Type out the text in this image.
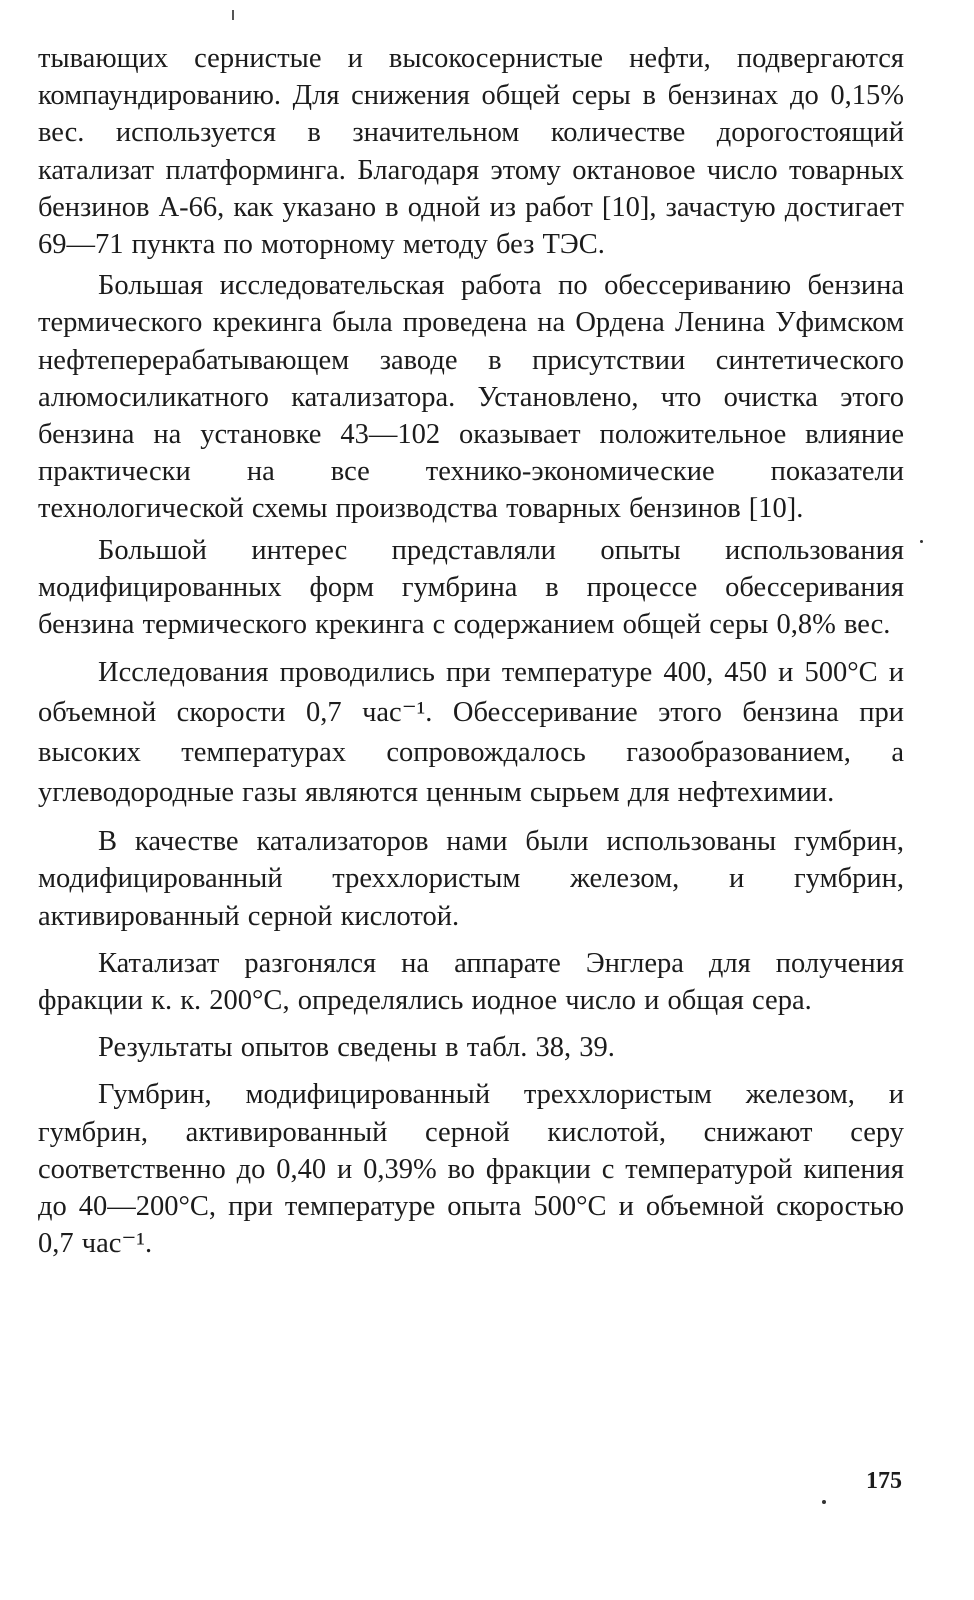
тывающих сернистые и высокосернистые нефти, подвергаются компаундированию. Для снижения общей серы в бензинах до 0,15% вес. используется в значительном количестве дорогостоящий катализат платформинга. Благодаря этому октановое число товарных бензинов А-66, как указано в одной из работ [10], зачастую достигает 69—71 пункта по моторному методу без ТЭС.

Большая исследовательская работа по обессериванию бензина термического крекинга была проведена на Ордена Ленина Уфимском нефтеперерабатывающем заводе в присутствии синтетического алюмосиликатного катализатора. Установлено, что очистка этого бензина на установке 43—102 оказывает положительное влияние практически на все технико-экономические показатели технологической схемы производства товарных бензинов [10].

Большой интерес представляли опыты использования модифицированных форм гумбрина в процессе обессеривания бензина термического крекинга с содержанием общей серы 0,8% вес.

Исследования проводились при температуре 400, 450 и 500°С и объемной скорости 0,7 час⁻¹. Обессеривание этого бензина при высоких температурах сопровождалось газообразованием, а углеводородные газы являются ценным сырьем для нефтехимии.

В качестве катализаторов нами были использованы гумбрин, модифицированный треххлористым железом, и гумбрин, активированный серной кислотой.

Катализат разгонялся на аппарате Энглера для получения фракции к. к. 200°С, определялись иодное число и общая сера.

Результаты опытов сведены в табл. 38, 39.

Гумбрин, модифицированный треххлористым железом, и гумбрин, активированный серной кислотой, снижают серу соответственно до 0,40 и 0,39% во фракции с температурой кипения до 40—200°С, при температуре опыта 500°С и объемной скоростью 0,7 час⁻¹.

175
